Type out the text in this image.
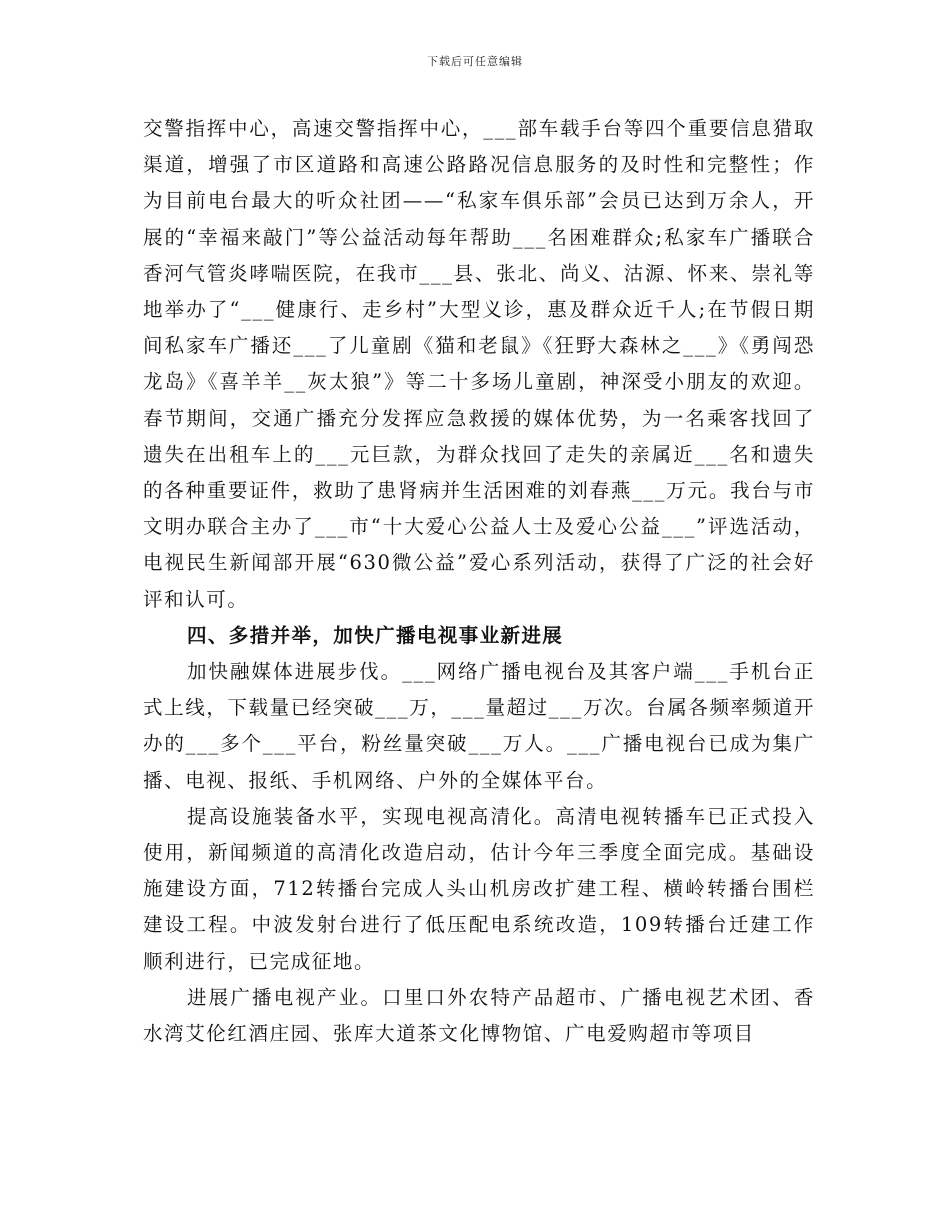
下载后可任意编辑

交警指挥中心，高速交警指挥中心，___部车载手台等四个重要信息猎取渠道，增强了市区道路和高速公路路况信息服务的及时性和完整性；作为目前电台最大的听众社团——“私家车俱乐部”会员已达到万余人，开展的“幸福来敲门”等公益活动每年帮助___名困难群众;私家车广播联合香河气管炎哮喘医院，在我市___县、张北、尚义、沽源、怀来、崇礼等地举办了“___健康行、走乡村”大型义诊，惠及群众近千人;在节假日期间私家车广播还___了儿童剧《猫和老鼠》《狂野大森林之___》《勇闯恐龙岛》《喜羊羊__灰太狼”》等二十多场儿童剧，神深受小朋友的欢迎。春节期间，交通广播充分发挥应急救援的媒体优势，为一名乘客找回了遗失在出租车上的___元巨款，为群众找回了走失的亲属近___名和遗失的各种重要证件，救助了患肾病并生活困难的刘春燕___万元。我台与市文明办联合主办了___市“十大爱心公益人士及爱心公益___”评选活动，电视民生新闻部开展“630微公益”爱心系列活动，获得了广泛的社会好评和认可。

四、多措并举，加快广播电视事业新进展

加快融媒体进展步伐。___网络广播电视台及其客户端___手机台正式上线，下载量已经突破___万，___量超过___万次。台属各频率频道开办的___多个___平台，粉丝量突破___万人。___广播电视台已成为集广播、电视、报纸、手机网络、户外的全媒体平台。

提高设施装备水平，实现电视高清化。高清电视转播车已正式投入使用，新闻频道的高清化改造启动，估计今年三季度全面完成。基础设施建设方面，712转播台完成人头山机房改扩建工程、横岭转播台围栏建设工程。中波发射台进行了低压配电系统改造，109转播台迁建工作顺利进行，已完成征地。

进展广播电视产业。口里口外农特产品超市、广播电视艺术团、香水湾艾伦红酒庄园、张库大道茶文化博物馆、广电爱购超市等项目
